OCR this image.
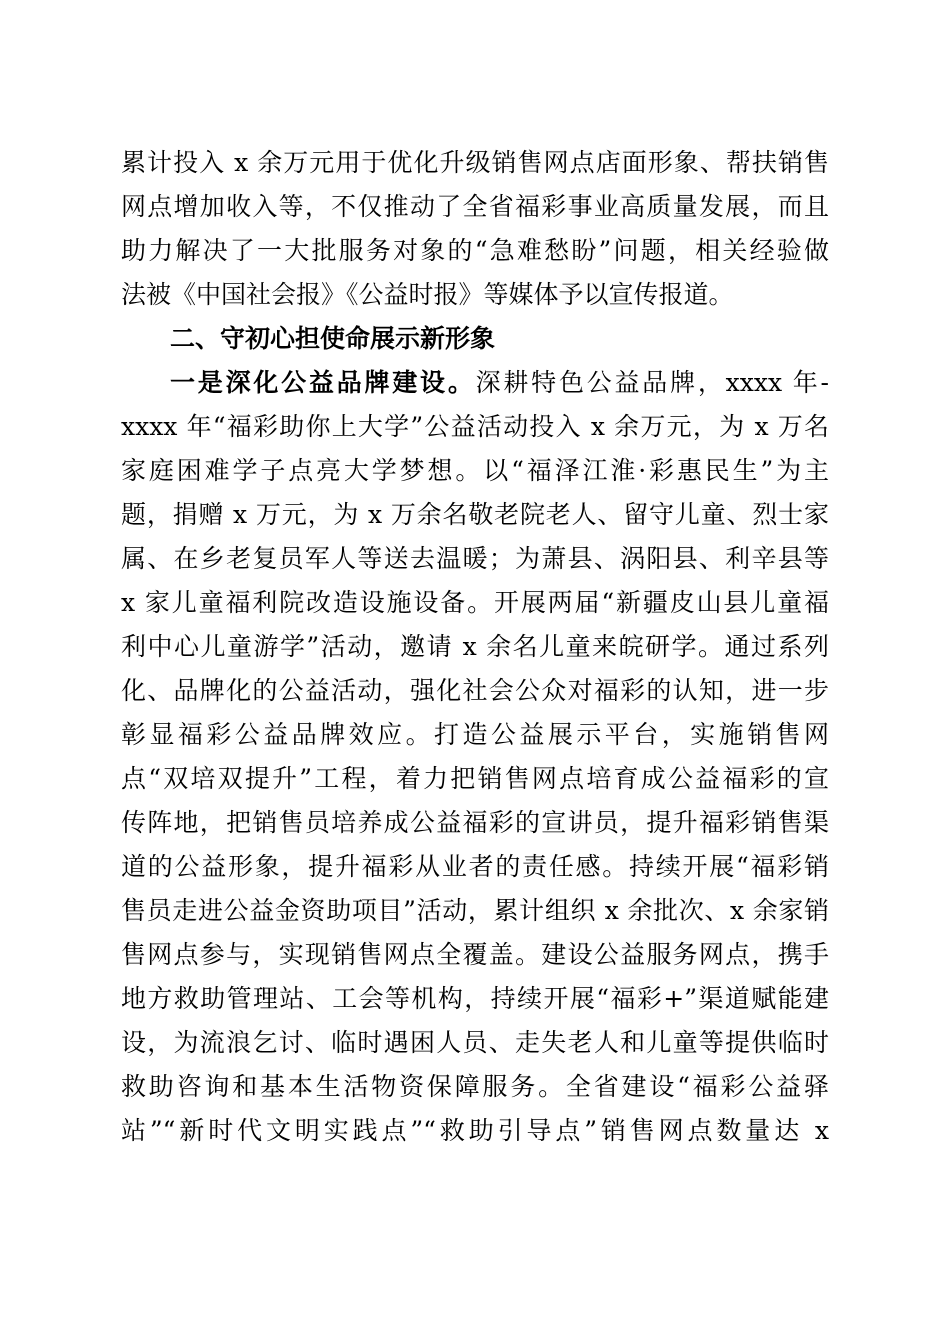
累计投入 x 余万元用于优化升级销售网点店面形象、帮扶销售
网点增加收入等，不仅推动了全省福彩事业高质量发展，而且
助力解决了一大批服务对象的“急难愁盼”问题，相关经验做
法被《中国社会报》《公益时报》等媒体予以宣传报道。
二、守初心担使命展示新形象
一是深化公益品牌建设。深耕特色公益品牌，xxxx 年-
xxxx 年“福彩助你上大学”公益活动投入 x 余万元，为 x 万名
家庭困难学子点亮大学梦想。以“福泽江淮·彩惠民生”为主
题，捐赠 x 万元，为 x 万余名敬老院老人、留守儿童、烈士家
属、在乡老复员军人等送去温暖；为萧县、涡阳县、利辛县等
x 家儿童福利院改造设施设备。开展两届“新疆皮山县儿童福
利中心儿童游学”活动，邀请 x 余名儿童来皖研学。通过系列
化、品牌化的公益活动，强化社会公众对福彩的认知，进一步
彰显福彩公益品牌效应。打造公益展示平台，实施销售网
点“双培双提升”工程，着力把销售网点培育成公益福彩的宣
传阵地，把销售员培养成公益福彩的宣讲员，提升福彩销售渠
道的公益形象，提升福彩从业者的责任感。持续开展“福彩销
售员走进公益金资助项目”活动，累计组织 x 余批次、x 余家销
售网点参与，实现销售网点全覆盖。建设公益服务网点，携手
地方救助管理站、工会等机构，持续开展“福彩+”渠道赋能建
设，为流浪乞讨、临时遇困人员、走失老人和儿童等提供临时
救助咨询和基本生活物资保障服务。全省建设“福彩公益驿
站”“新时代文明实践点”“救助引导点”销售网点数量达 x
